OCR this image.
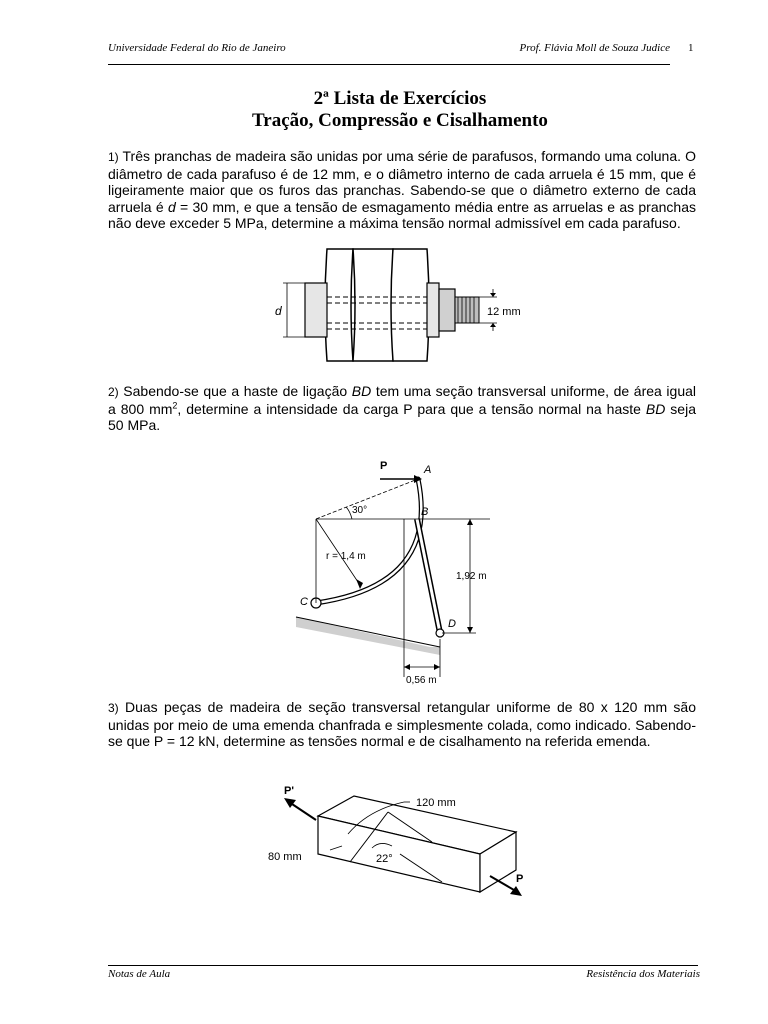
Universidade Federal do Rio de Janeiro	Prof. Flávia Moll de Souza Judice 1
2ª Lista de Exercícios
Tração, Compressão e Cisalhamento
1) Três pranchas de madeira são unidas por uma série de parafusos, formando uma coluna. O diâmetro de cada parafuso é de 12 mm, e o diâmetro interno de cada arruela é 15 mm, que é ligeiramente maior que os furos das pranchas. Sabendo-se que o diâmetro externo de cada arruela é d = 30 mm, e que a tensão de esmagamento média entre as arruelas e as pranchas não deve exceder 5 MPa, determine a máxima tensão normal admissível em cada parafuso.
d	12 mm
2) Sabendo-se que a haste de ligação BD tem uma seção transversal uniforme, de área igual a 800 $mm^2$, determine a intensidade da carga P para que a tensão normal na haste BD seja 50 MPa.
P	A
B
C
D
30°
r = 1,4 m
1,92 m
0,56 m
3) Duas peças de madeira de seção transversal retangular uniforme de 80 x 120 mm são unidas por meio de uma emenda chanfrada e simplesmente colada, como indicado. Sabendo-se que P = 12 kN, determine as tensões normal e de cisalhamento na referida emenda.
P'
P
120 mm
80 mm	22°
Notas de Aula	Resistência dos Materiais
